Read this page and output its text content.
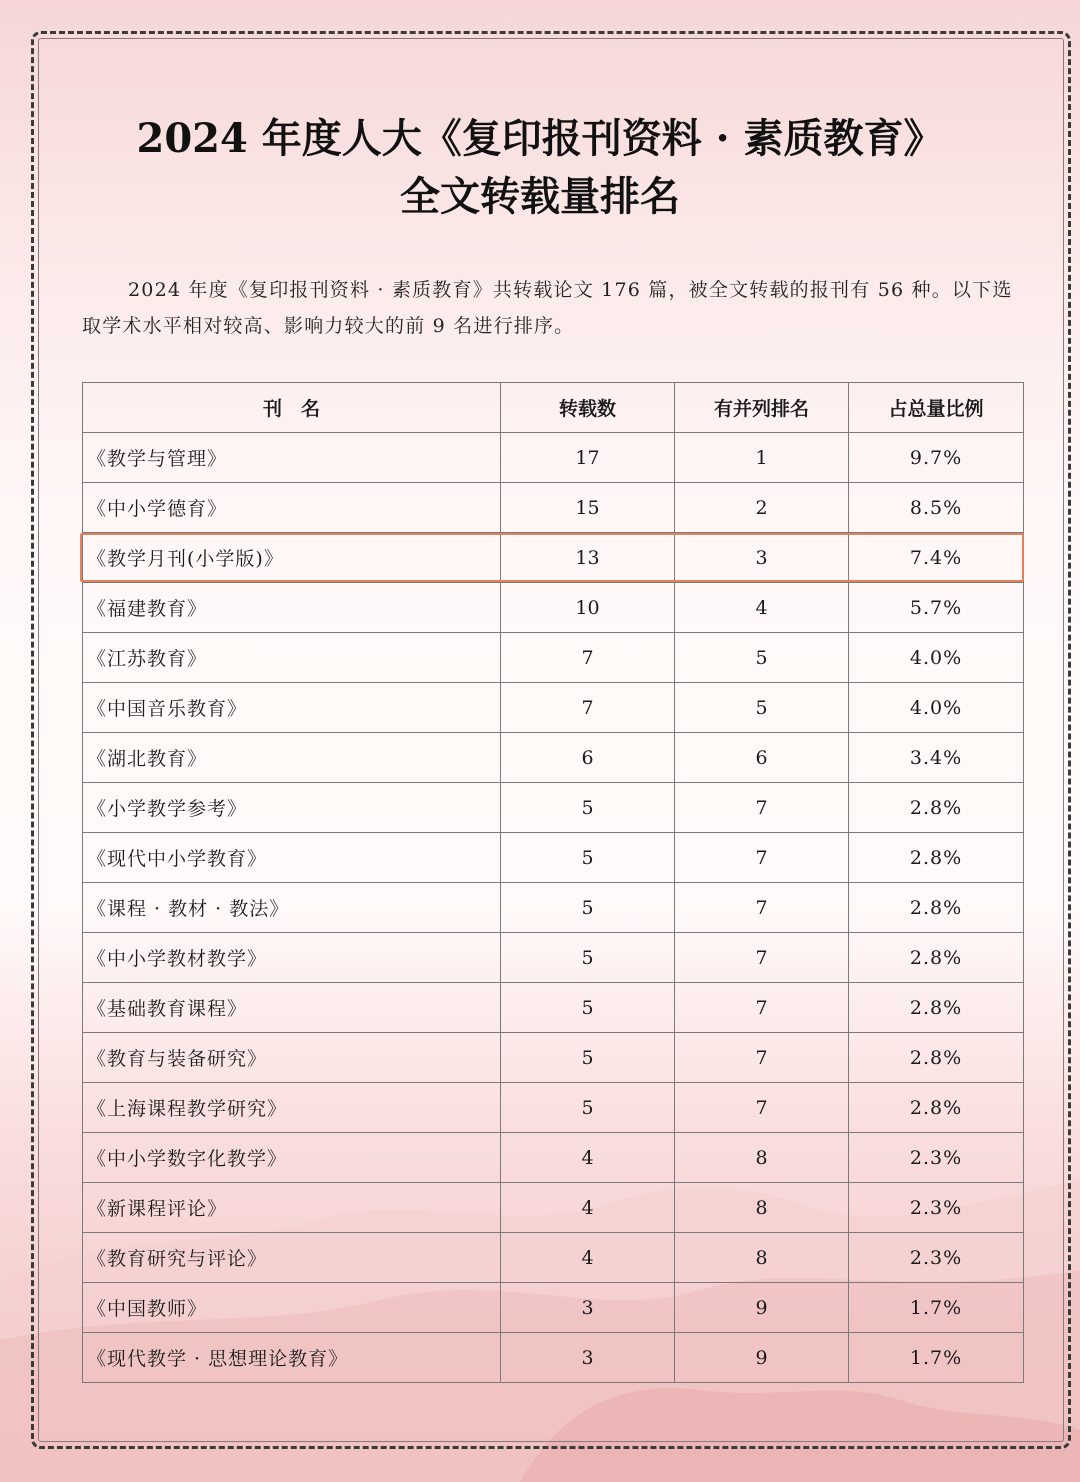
2024 年度人大《复印报刊资料 · 素质教育》
全文转载量排名
2024 年度《复印报刊资料 · 素质教育》共转载论文 176 篇，被全文转载的报刊有 56 种。以下选取学术水平相对较高、影响力较大的前 9 名进行排序。
刊　名	转载数	有并列排名	占总量比例
《教学与管理》	17	1	9.7%
《中小学德育》	15	2	8.5%
《教学月刊(小学版)》	13	3	7.4%
《福建教育》	10	4	5.7%
《江苏教育》	7	5	4.0%
《中国音乐教育》	7	5	4.0%
《湖北教育》	6	6	3.4%
《小学教学参考》	5	7	2.8%
《现代中小学教育》	5	7	2.8%
《课程 · 教材 · 教法》	5	7	2.8%
《中小学教材教学》	5	7	2.8%
《基础教育课程》	5	7	2.8%
《教育与装备研究》	5	7	2.8%
《上海课程教学研究》	5	7	2.8%
《中小学数字化教学》	4	8	2.3%
《新课程评论》	4	8	2.3%
《教育研究与评论》	4	8	2.3%
《中国教师》	3	9	1.7%
《现代教学 · 思想理论教育》	3	9	1.7%
